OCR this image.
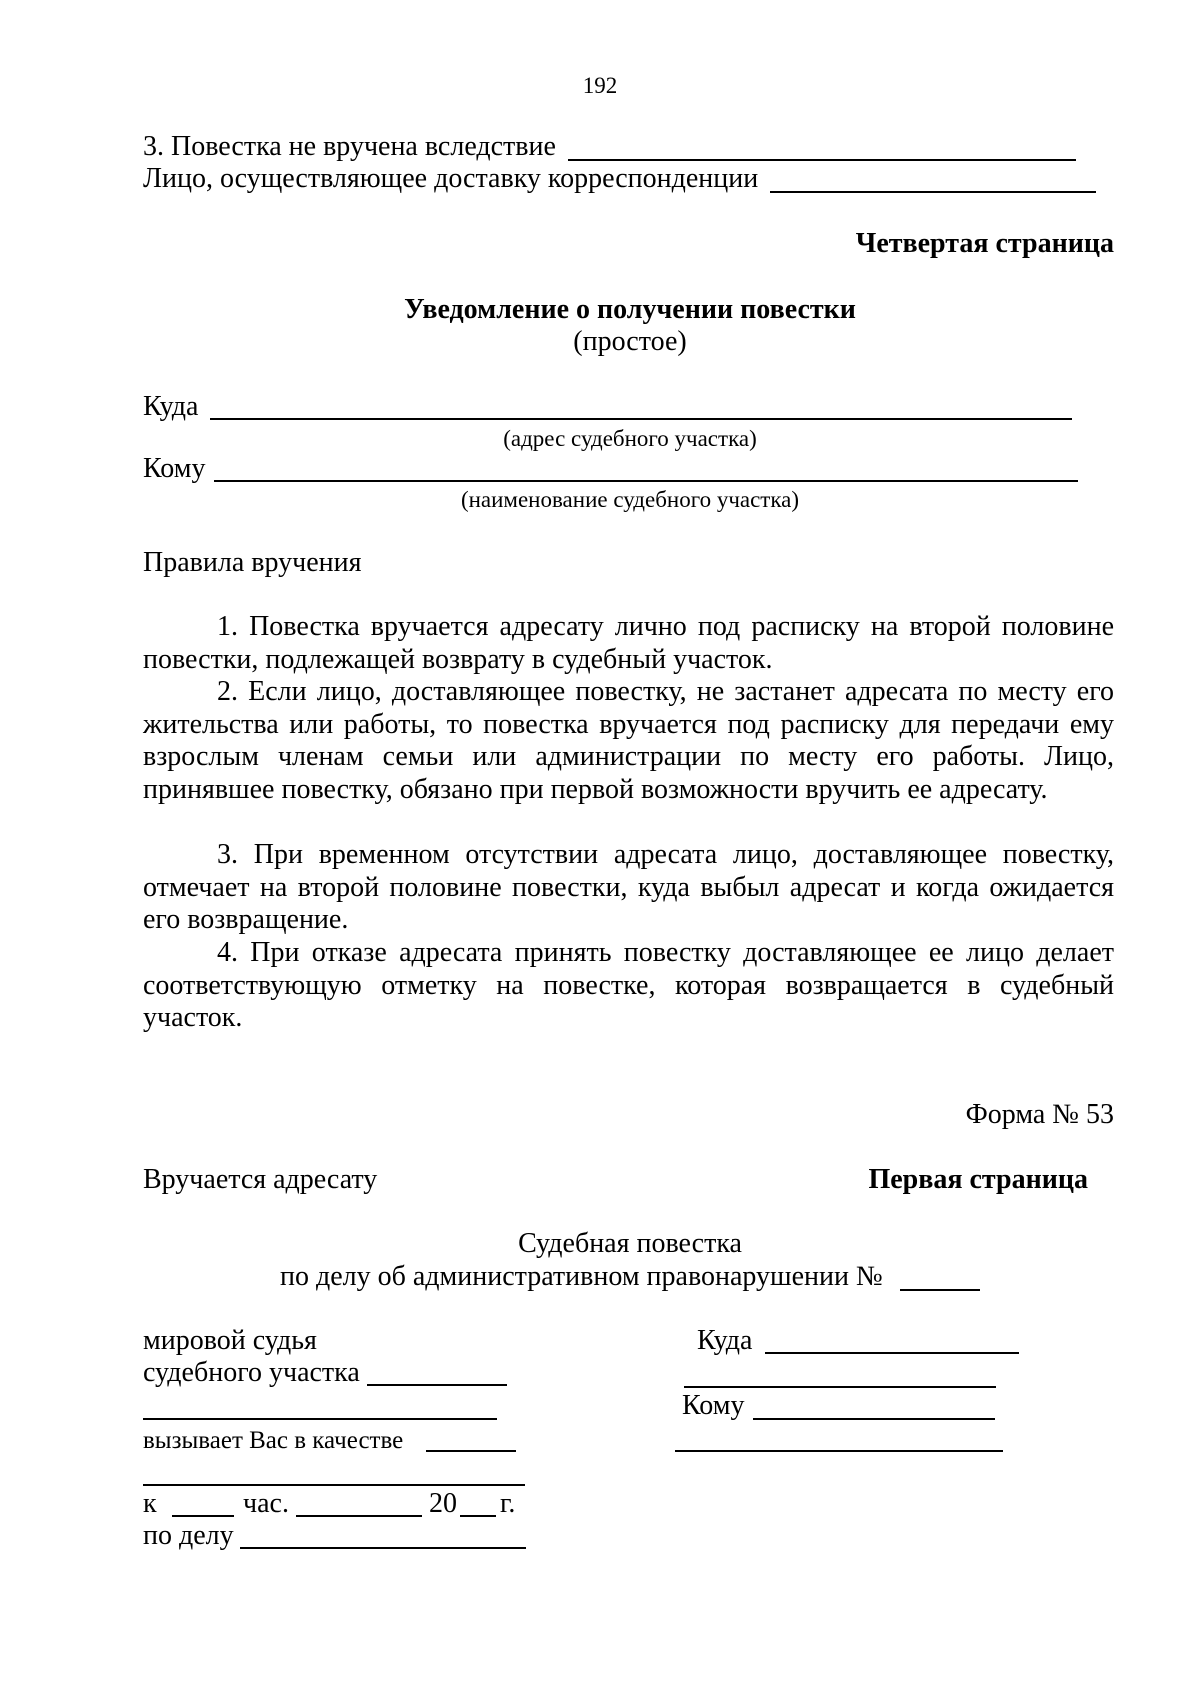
192
3. Повестка не вручена вследствие
Лицо, осуществляющее доставку корреспонденции
Четвертая страница
Уведомление о получении повестки
(простое)
Куда
(адрес судебного участка)
Кому
(наименование судебного участка)
Правила вручения
1. Повестка вручается адресату лично под расписку на второй половине повестки, подлежащей возврату в судебный участок.
2. Если лицо, доставляющее повестку, не застанет адресата по месту его жительства или работы, то повестка вручается под расписку для передачи ему взрослым членам семьи или администрации по месту его работы. Лицо, принявшее повестку, обязано при первой возможности вручить ее адресату.
3. При временном отсутствии адресата лицо, доставляющее повестку, отмечает на второй половине повестки, куда выбыл адресат и когда ожидается его возвращение.
4. При отказе адресата принять повестку доставляющее ее лицо делает соответствующую отметку на повестке, которая возвращается в судебный участок.
Форма № 53
Вручается адресату	Первая страница
Судебная повестка
по делу об административном правонарушении №
мировой судья
судебного участка
вызывает Вас в качестве
к	час.	20 г.
по делу
Куда
Кому
